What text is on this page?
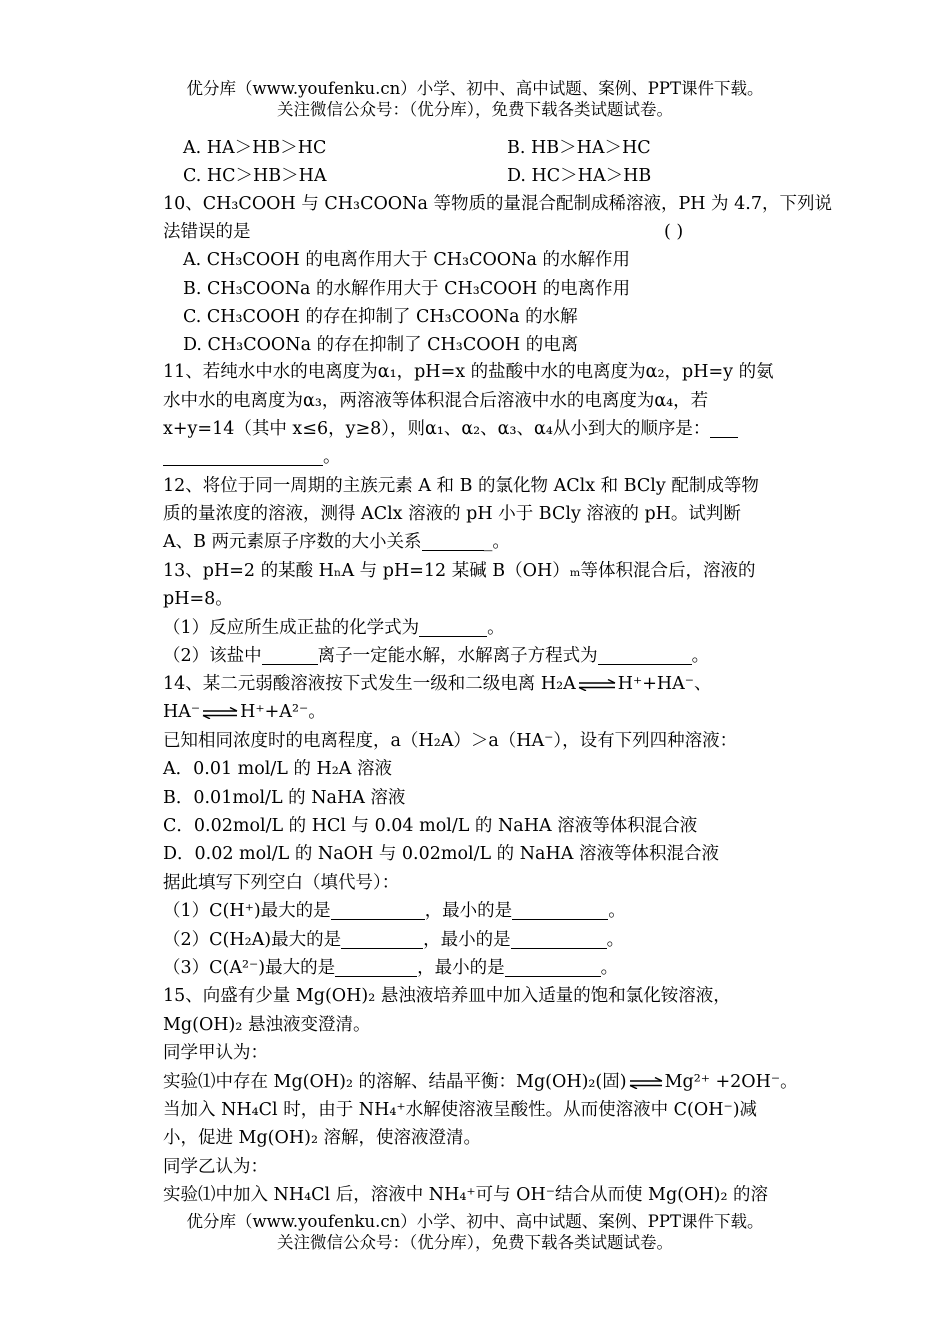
优分库（www.youfenku.cn）小学、初中、高中试题、案例、PPT课件下载。
关注微信公众号：（优分库），免费下载各类试题试卷。
A. HA＞HB＞HC	B. HB＞HA＞HC
C. HC＞HB＞HA	D. HC＞HA＞HB
10、CH₃COOH 与 CH₃COONa 等物质的量混合配制成稀溶液，PH 为 4.7，下列说
法错误的是	( )
A. CH₃COOH 的电离作用大于 CH₃COONa 的水解作用
B. CH₃COONa 的水解作用大于 CH₃COOH 的电离作用
C. CH₃COOH 的存在抑制了 CH₃COONa 的水解
D. CH₃COONa 的存在抑制了 CH₃COOH 的电离
11、若纯水中水的电离度为α₁，pH=x 的盐酸中水的电离度为α₂，pH=y 的氨
水中水的电离度为α₃，两溶液等体积混合后溶液中水的电离度为α₄，若
x+y=14（其中 x≤6，y≥8），则α₁、α₂、α₃、α₄从小到大的顺序是：
。
12、将位于同一周期的主族元素 A 和 B 的氯化物 AClx 和 BCly 配制成等物
质的量浓度的溶液，测得 AClx 溶液的 pH 小于 BCly 溶液的 pH。试判断
A、B 两元素原子序数的大小关系	_。
13、pH=2 的某酸 HₙA 与 pH=12 某碱 B（OH）ₘ等体积混合后，溶液的
pH=8。
（1）反应所生成正盐的化学式为	。
（2）该盐中	离子一定能水解，水解离子方程式为	。
14、某二元弱酸溶液按下式发生一级和二级电离 H₂A ⇌ H⁺+HA⁻、
HA⁻ ⇌ H⁺+A²⁻。
已知相同浓度时的电离程度，a（H₂A）＞a（HA⁻），设有下列四种溶液：
A．0.01 mol/L 的 H₂A 溶液
B．0.01mol/L 的 NaHA 溶液
C．0.02mol/L 的 HCl 与 0.04 mol/L 的 NaHA 溶液等体积混合液
D．0.02 mol/L 的 NaOH 与 0.02mol/L 的 NaHA 溶液等体积混合液
据此填写下列空白（填代号）：
（1）C(H⁺)最大的是	，最小的是	。
（2）C(H₂A)最大的是	，最小的是	。
（3）C(A²⁻)最大的是	，最小的是	。
15、向盛有少量 Mg(OH)₂ 悬浊液培养皿中加入适量的饱和氯化铵溶液，
Mg(OH)₂ 悬浊液变澄清。
同学甲认为：
实验⑴中存在 Mg(OH)₂ 的溶解、结晶平衡：Mg(OH)₂(固) ⇌ Mg²⁺ +2OH⁻。
当加入 NH₄Cl 时，由于 NH₄⁺水解使溶液呈酸性。从而使溶液中 C(OH⁻)减
小，促进 Mg(OH)₂ 溶解，使溶液澄清。
同学乙认为：
实验⑴中加入 NH₄Cl 后，溶液中 NH₄⁺可与 OH⁻结合从而使 Mg(OH)₂ 的溶
优分库（www.youfenku.cn）小学、初中、高中试题、案例、PPT课件下载。
关注微信公众号：（优分库），免费下载各类试题试卷。
